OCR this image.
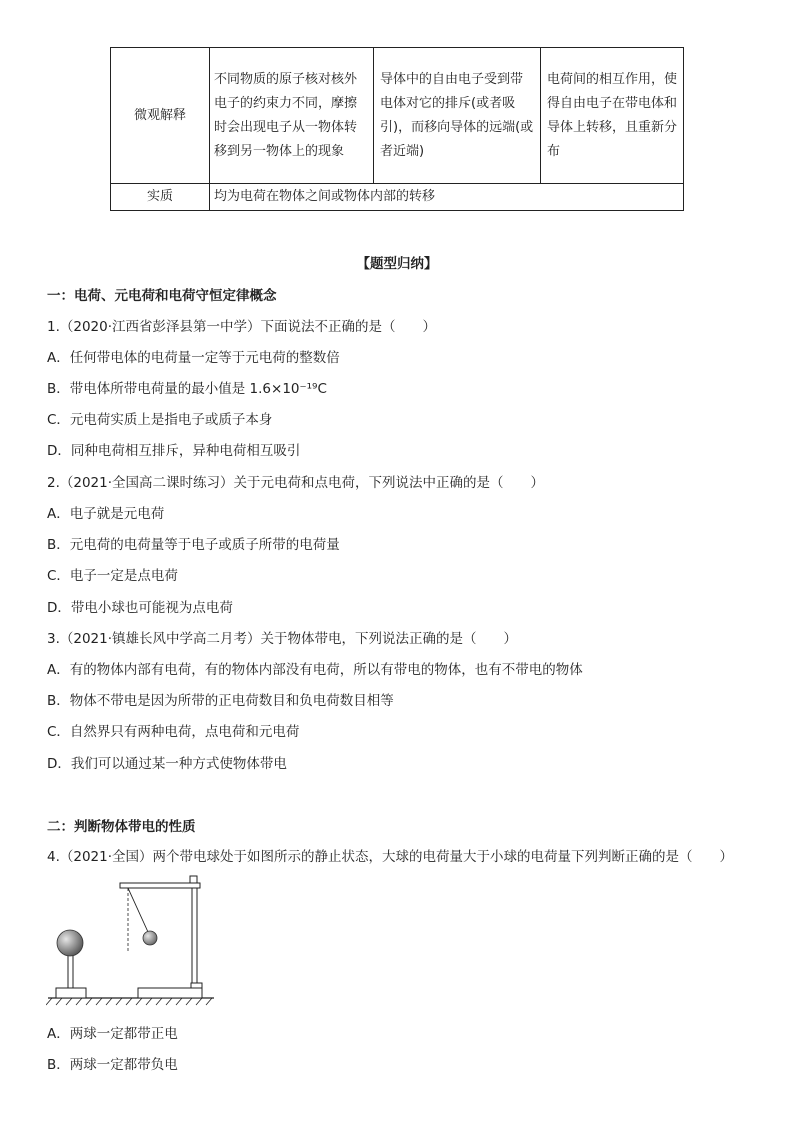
微观解释	不同物质的原子核对核外电子的约束力不同，摩擦时会出现电子从一物体转移到另一物体上的现象	导体中的自由电子受到带电体对它的排斥(或者吸引)，而移向导体的远端(或者近端)	电荷间的相互作用，使得自由电子在带电体和导体上转移，且重新分布
实质	均为电荷在物体之间或物体内部的转移		
【题型归纳】
一：电荷、元电荷和电荷守恒定律概念
1.（2020·江西省彭泽县第一中学）下面说法不正确的是（　　）
A．任何带电体的电荷量一定等于元电荷的整数倍
B．带电体所带电荷量的最小值是 1.6×10⁻¹⁹C
C．元电荷实质上是指电子或质子本身
D．同种电荷相互排斥，异种电荷相互吸引
2.（2021·全国高二课时练习）关于元电荷和点电荷，下列说法中正确的是（　　）
A．电子就是元电荷
B．元电荷的电荷量等于电子或质子所带的电荷量
C．电子一定是点电荷
D．带电小球也可能视为点电荷
3.（2021·镇雄长风中学高二月考）关于物体带电，下列说法正确的是（　　）
A．有的物体内部有电荷，有的物体内部没有电荷，所以有带电的物体，也有不带电的物体
B．物体不带电是因为所带的正电荷数目和负电荷数目相等
C．自然界只有两种电荷，点电荷和元电荷
D．我们可以通过某一种方式使物体带电
二：判断物体带电的性质
4.（2021·全国）两个带电球处于如图所示的静止状态，大球的电荷量大于小球的电荷量下列判断正确的是（　　）
A．两球一定都带正电
B．两球一定都带负电
